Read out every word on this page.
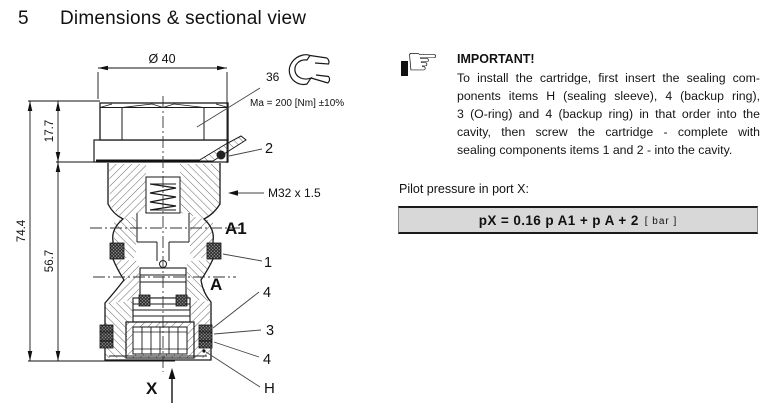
5 Dimensions & sectional view
Ø 40
74.4
17.7
56.7
36
Ma = 200 [Nm] ±10%
2
M32 x 1.5
A1
1
A	4
3
4
H
X
☞ IMPORTANT!
To install the cartridge, first insert the sealing com-
ponents items H (sealing sleeve), 4 (backup ring),
3 (O-ring) and 4 (backup ring) in that order into the
cavity, then screw the cartridge - complete with
sealing components items 1 and 2 - into the cavity.
Pilot pressure in port X:
pX = 0.16 p A1 + p A + 2 [ bar ]
